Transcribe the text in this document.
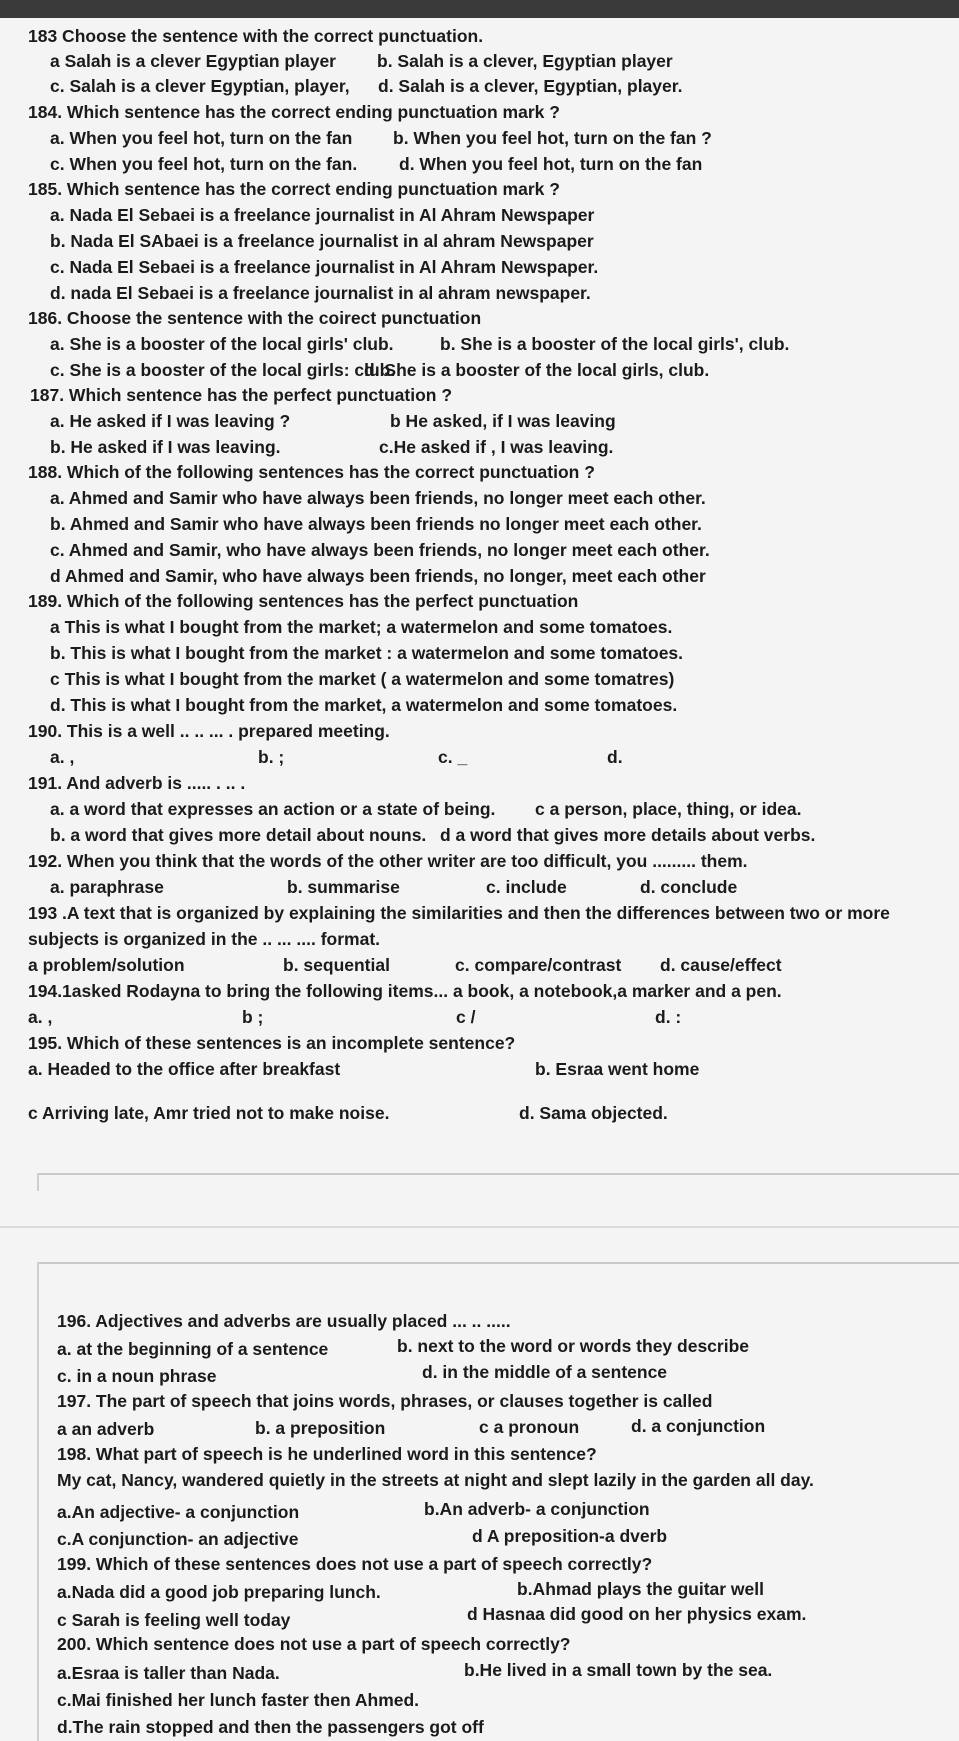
183 Choose the sentence with the correct punctuation.
a Salah is a clever Egyptian player b. Salah is a clever, Egyptian player
c. Salah is a clever Egyptian, player, d. Salah is a clever, Egyptian, player.
184. Which sentence has the correct ending punctuation mark ?
a. When you feel hot, turn on the fan b. When you feel hot, turn on the fan ?
c. When you feel hot, turn on the fan. d. When you feel hot, turn on the fan
185. Which sentence has the correct ending punctuation mark ?
a. Nada El Sebaei is a freelance journalist in Al Ahram Newspaper
b. Nada El SAbaei is a freelance journalist in al ahram Newspaper
c. Nada El Sebaei is a freelance journalist in Al Ahram Newspaper.
d. nada El Sebaei is a freelance journalist in al ahram newspaper.
186. Choose the sentence with the coirect punctuation
a. She is a booster of the local girls' club.	b. She is a booster of the local girls', club.
c. She is a booster of the local girls: club.
d. She is a booster of the local girls, club.
187. Which sentence has the perfect punctuation ?
a. He asked if I was leaving ?	b He asked, if I was leaving
b. He asked if I was leaving.	c.He asked if , I was leaving.
188. Which of the following sentences has the correct punctuation ?
a. Ahmed and Samir who have always been friends, no longer meet each other.
b. Ahmed and Samir who have always been friends no longer meet each other.
c. Ahmed and Samir, who have always been friends, no longer meet each other.
d Ahmed and Samir, who have always been friends, no longer, meet each other
189. Which of the following sentences has the perfect punctuation
a This is what I bought from the market; a watermelon and some tomatoes.
b. This is what I bought from the market : a watermelon and some tomatoes.
c This is what I bought from the market ( a watermelon and some tomatres)
d. This is what I bought from the market, a watermelon and some tomatoes.
190. This is a well .. .. ... . prepared meeting.
a. ,	b. ;	c. _	d.
191. And adverb is ..... . .. .
a. a word that expresses an action or a state of being. c a person, place, thing, or idea.
b. a word that gives more detail about nouns. d a word that gives more details about verbs.
192. When you think that the words of the other writer are too difficult, you ......... them.
a. paraphrase	b. summarise	c. include	d. conclude
193 .A text that is organized by explaining the similarities and then the differences between two or more
subjects is organized in the .. ... .... format.
a problem/solution	b. sequential	c. compare/contrast d. cause/effect
194.1asked Rodayna to bring the following items... a book, a notebook,a marker and a pen.
a. ,	b ;	c /	d. :
195. Which of these sentences is an incomplete sentence?
a. Headed to the office after breakfast	b. Esraa went home
c Arriving late, Amr tried not to make noise.	d. Sama objected.
196. Adjectives and adverbs are usually placed ... .. .....
a. at the beginning of a sentence	b. next to the word or words they describe
c. in a noun phrase	d. in the middle of a sentence
197. The part of speech that joins words, phrases, or clauses together is called
a an adverb	b. a preposition	c a pronoun	d. a conjunction
198. What part of speech is he underlined word in this sentence?
My cat, Nancy, wandered quietly in the streets at night and slept lazily in the garden all day.
a.An adjective- a conjunction	b.An adverb- a conjunction
c.A conjunction- an adjective	d A preposition-a dverb
199. Which of these sentences does not use a part of speech correctly?
a.Nada did a good job preparing lunch.	b.Ahmad plays the guitar well
c Sarah is feeling well today	d Hasnaa did good on her physics exam.
200. Which sentence does not use a part of speech correctly?
a.Esraa is taller than Nada.	b.He lived in a small town by the sea.
c.Mai finished her lunch faster then Ahmed.
d.The rain stopped and then the passengers got off
